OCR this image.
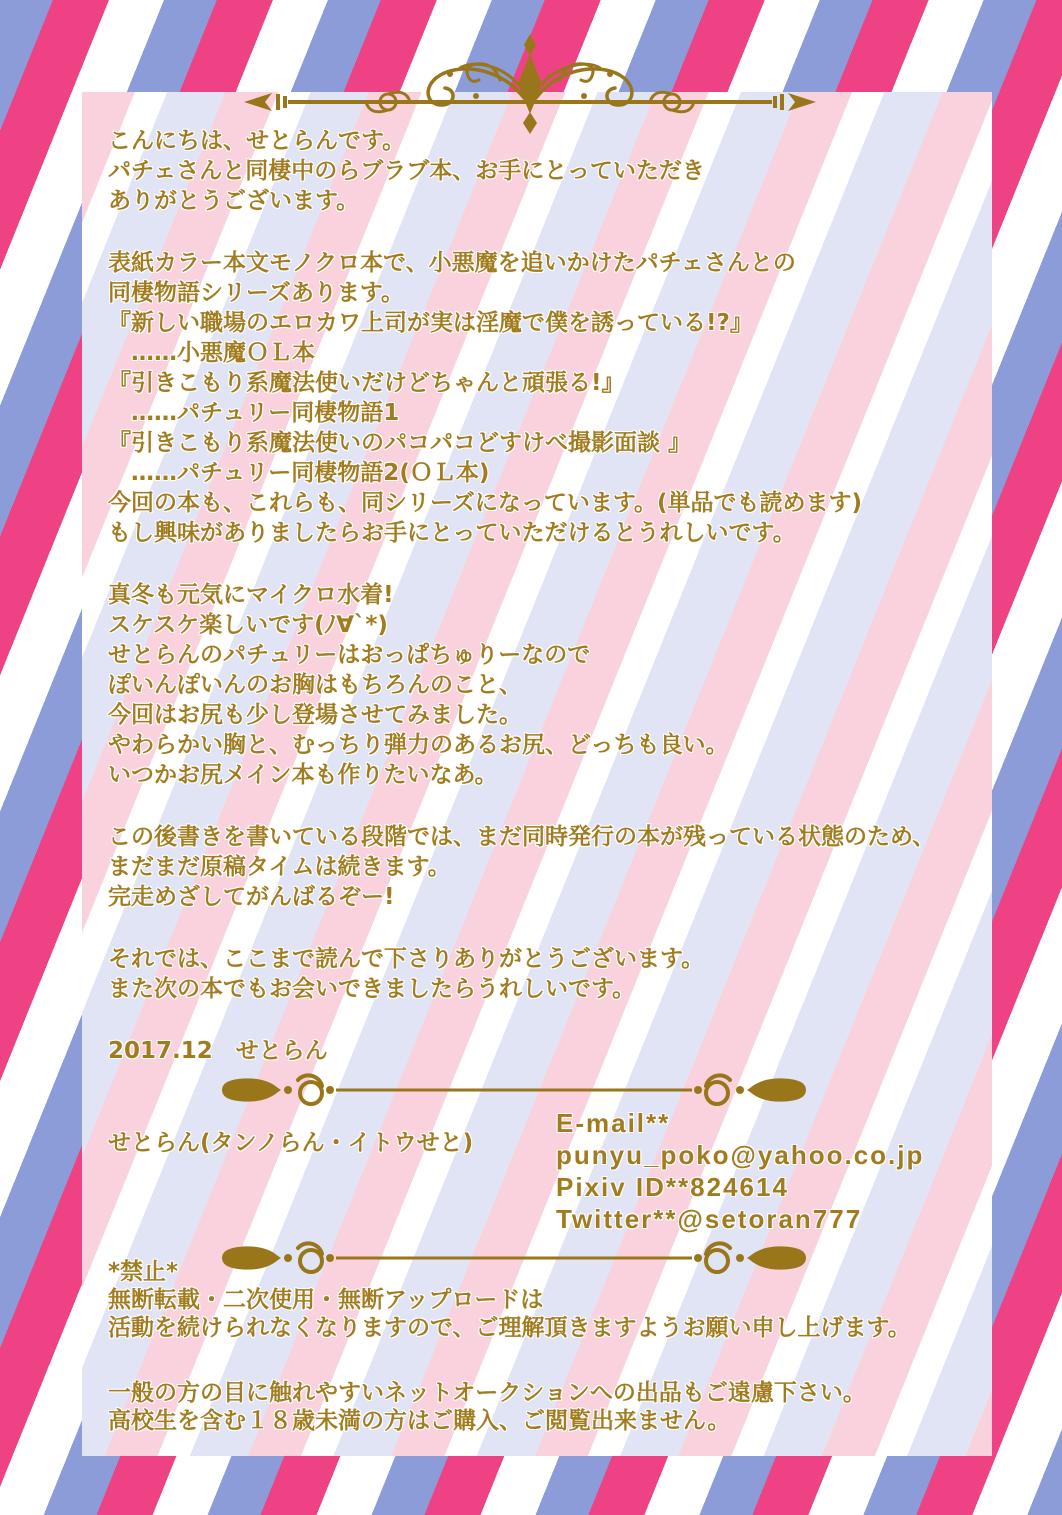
こんにちは、せとらんです。
パチェさんと同棲中のらブラブ本、お手にとっていただき
ありがとうございます。
表紙カラー本文モノクロ本で、小悪魔を追いかけたパチェさんとの
同棲物語シリーズあります。
『新しい職場のエロカワ上司が実は淫魔で僕を誘っている!?』
　……小悪魔ＯＬ本
『引きこもり系魔法使いだけどちゃんと頑張る!』
　……パチュリー同棲物語1
『引きこもり系魔法使いのパコパコどすけべ撮影面談 』
　……パチュリー同棲物語2(ＯＬ本)
今回の本も、これらも、同シリーズになっています。(単品でも読めます)
もし興味がありましたらお手にとっていただけるとうれしいです。
真冬も元気にマイクロ水着!
スケスケ楽しいです(ﾉ∀`*)
せとらんのパチュリーはおっぱちゅりーなので
ぽいんぽいんのお胸はもちろんのこと、
今回はお尻も少し登場させてみました。
やわらかい胸と、むっちり弾力のあるお尻、どっちも良い。
いつかお尻メイン本も作りたいなあ。
この後書きを書いている段階では、まだ同時発行の本が残っている状態のため、
まだまだ原稿タイムは続きます。
完走めざしてがんばるぞー!
それでは、ここまで読んで下さりありがとうございます。
また次の本でもお会いできましたらうれしいです。
2017.12　せとらん
せとらん(タンノらん・イトウせと)
E-mail**
punyu_poko@yahoo.co.jp
Pixiv ID**824614
Twitter**@setoran777
*禁止*
無断転載・二次使用・無断アップロードは
活動を続けられなくなりますので、ご理解頂きますようお願い申し上げます。
一般の方の目に触れやすいネットオークションへの出品もご遠慮下さい。
高校生を含む１８歳未満の方はご購入、ご閲覧出来ません。
